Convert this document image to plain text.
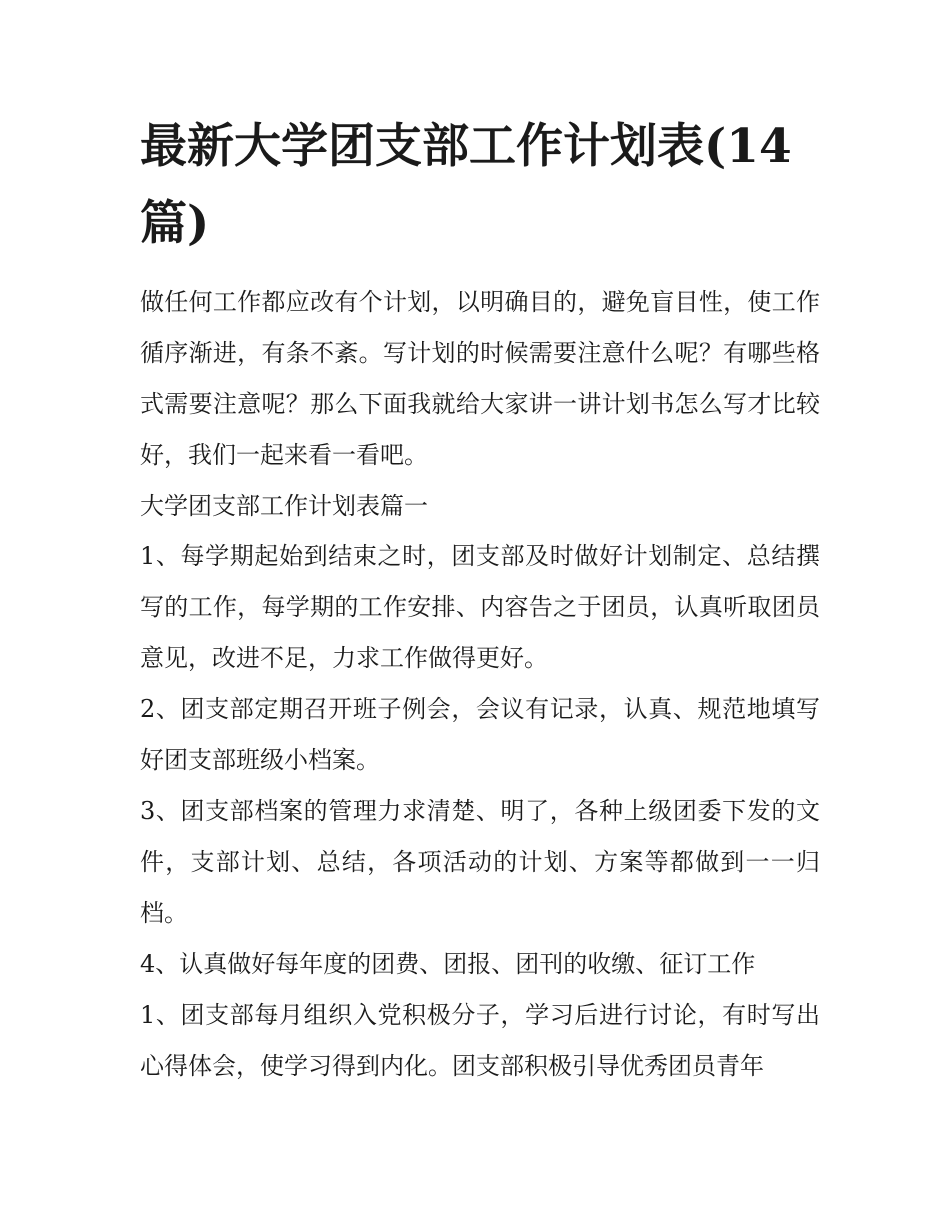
最新大学团支部工作计划表(14篇)

做任何工作都应改有个计划，以明确目的，避免盲目性，使工作循序渐进，有条不紊。写计划的时候需要注意什么呢？有哪些格式需要注意呢？那么下面我就给大家讲一讲计划书怎么写才比较好，我们一起来看一看吧。

大学团支部工作计划表篇一

1、每学期起始到结束之时，团支部及时做好计划制定、总结撰写的工作，每学期的工作安排、内容告之于团员，认真听取团员意见，改进不足，力求工作做得更好。

2、团支部定期召开班子例会，会议有记录，认真、规范地填写好团支部班级小档案。

3、团支部档案的管理力求清楚、明了，各种上级团委下发的文件，支部计划、总结，各项活动的计划、方案等都做到一一归档。

4、认真做好每年度的团费、团报、团刊的收缴、征订工作

1、团支部每月组织入党积极分子，学习后进行讨论，有时写出心得体会，使学习得到内化。团支部积极引导优秀团员青年
